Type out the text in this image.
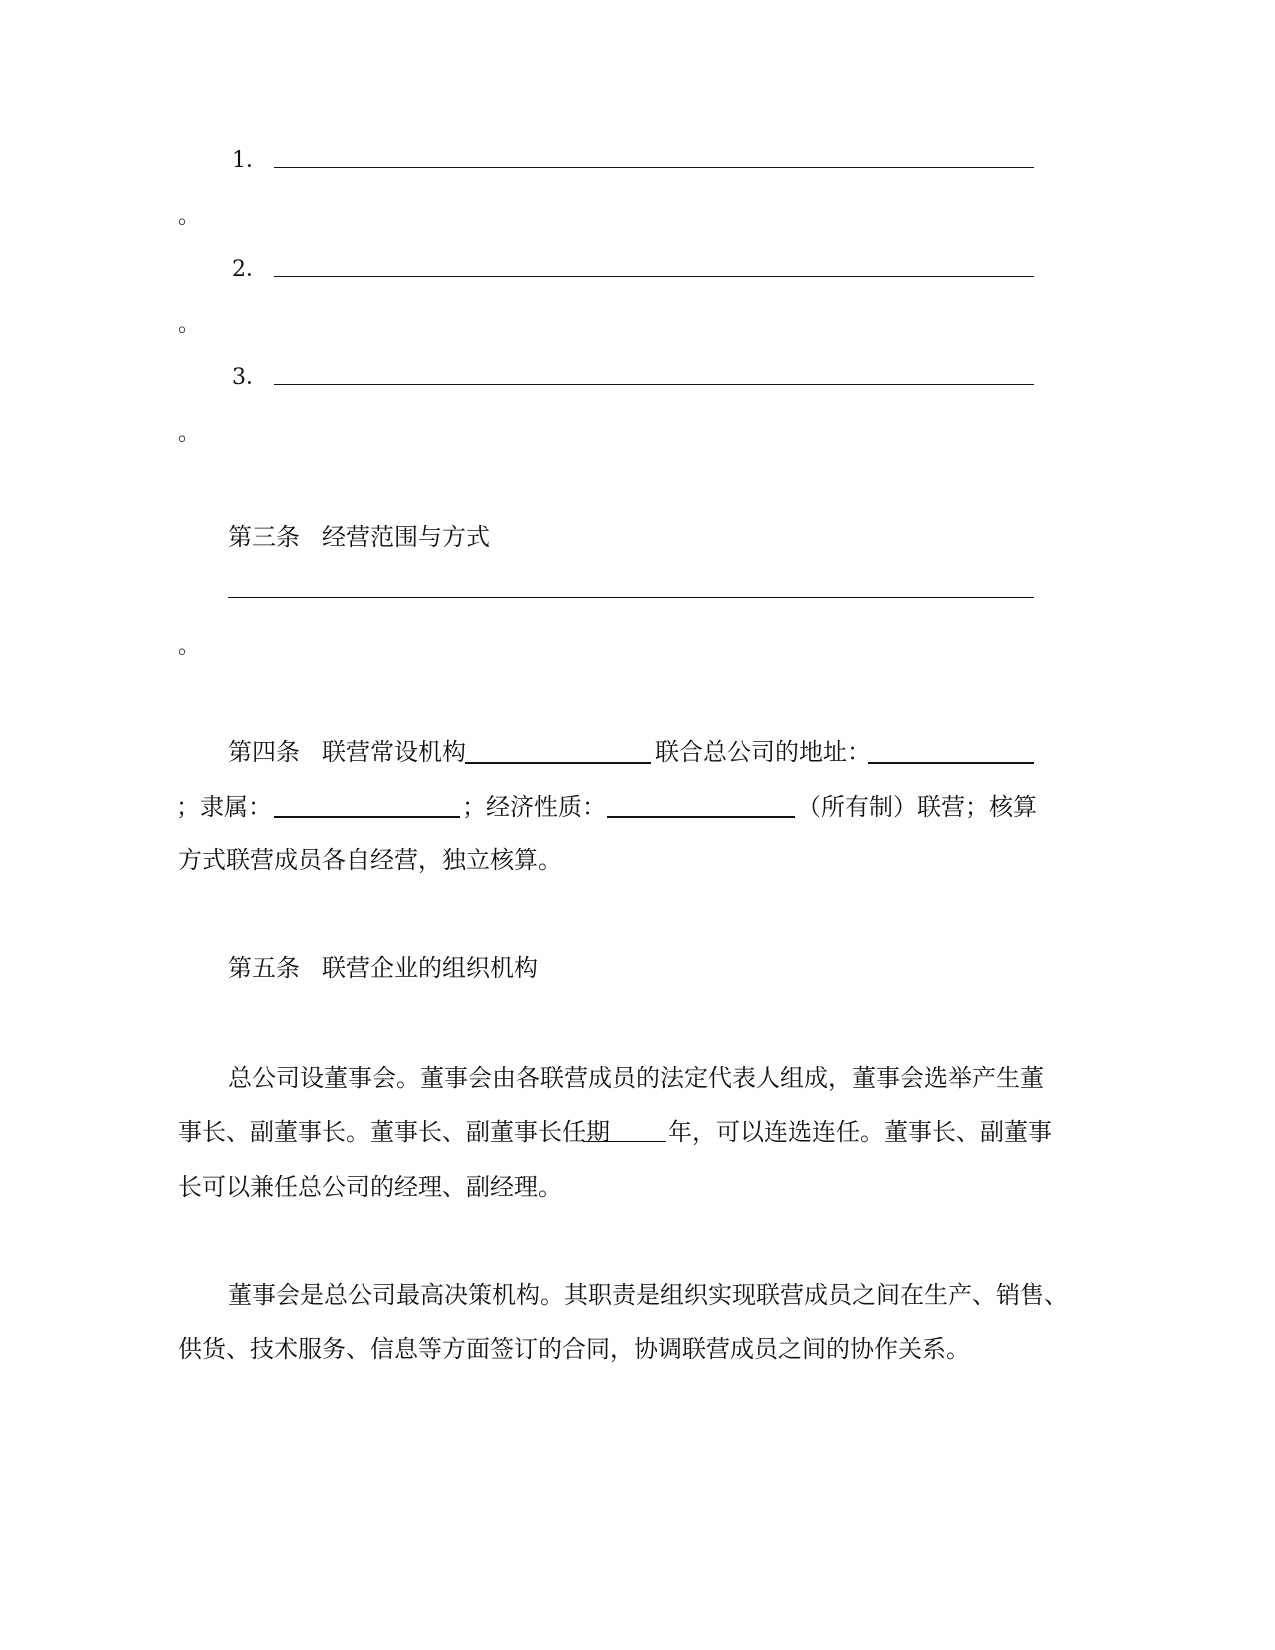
1．
。
2．
。
3．
。
第三条 经营范围与方式
。
第四条 联营常设机构	联合总公司的地址：
；隶属：	；经济性质：	（所有制）联营；核算
方式联营成员各自经营，独立核算。
第五条 联营企业的组织机构
总公司设董事会。董事会由各联营成员的法定代表人组成，董事会选举产生董
事长、副董事长。董事长、副董事长任期 年，可以连选连任。董事长、副董事
长可以兼任总公司的经理、副经理。
董事会是总公司最高决策机构。其职责是组织实现联营成员之间在生产、销售、
供货、技术服务、信息等方面签订的合同，协调联营成员之间的协作关系。
